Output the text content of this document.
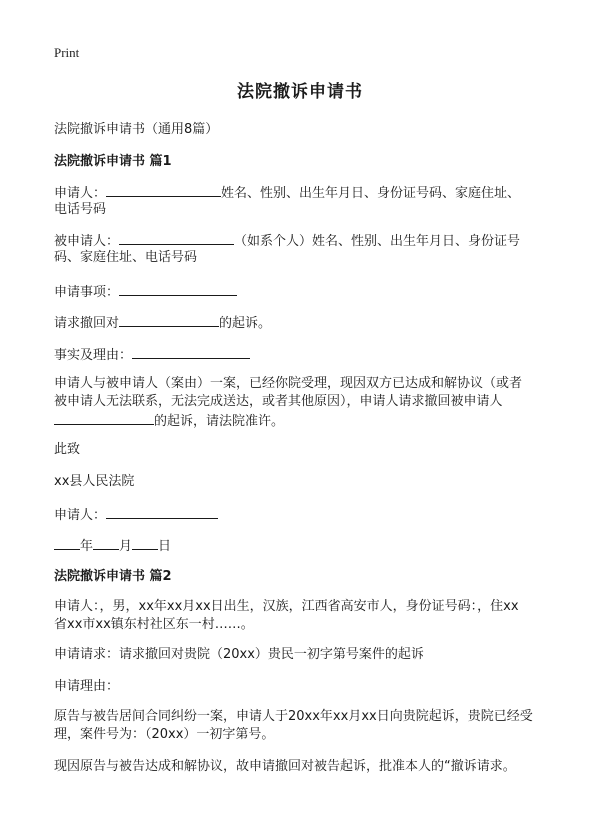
Print
法院撤诉申请书
法院撤诉申请书（通用8篇）
法院撤诉申请书 篇1
申请人：	姓名、性别、出生年月日、身份证号码、家庭住址、
电话号码
被申请人：	（如系个人）姓名、性别、出生年月日、身份证号
码、家庭住址、电话号码
申请事项：
请求撤回对	的起诉。
事实及理由：
申请人与被申请人（案由）一案，已经你院受理，现因双方已达成和解协议（或者
被申请人无法联系，无法完成送达，或者其他原因），申请人请求撤回被申请人
的起诉，请法院准许。
此致
xx县人民法院
申请人：
年 月 日
法院撤诉申请书 篇2
申请人：，男，xx年xx月xx日出生，汉族，江西省高安市人，身份证号码：，住xx
省xx市xx镇东村社区东一村……。
申请请求：请求撤回对贵院（20xx）贵民一初字第号案件的起诉
申请理由：
原告与被告居间合同纠纷一案，申请人于20xx年xx月xx日向贵院起诉，贵院已经受
理，案件号为：（20xx）一初字第号。
现因原告与被告达成和解协议，故申请撤回对被告起诉，批准本人的“撤诉请求。
